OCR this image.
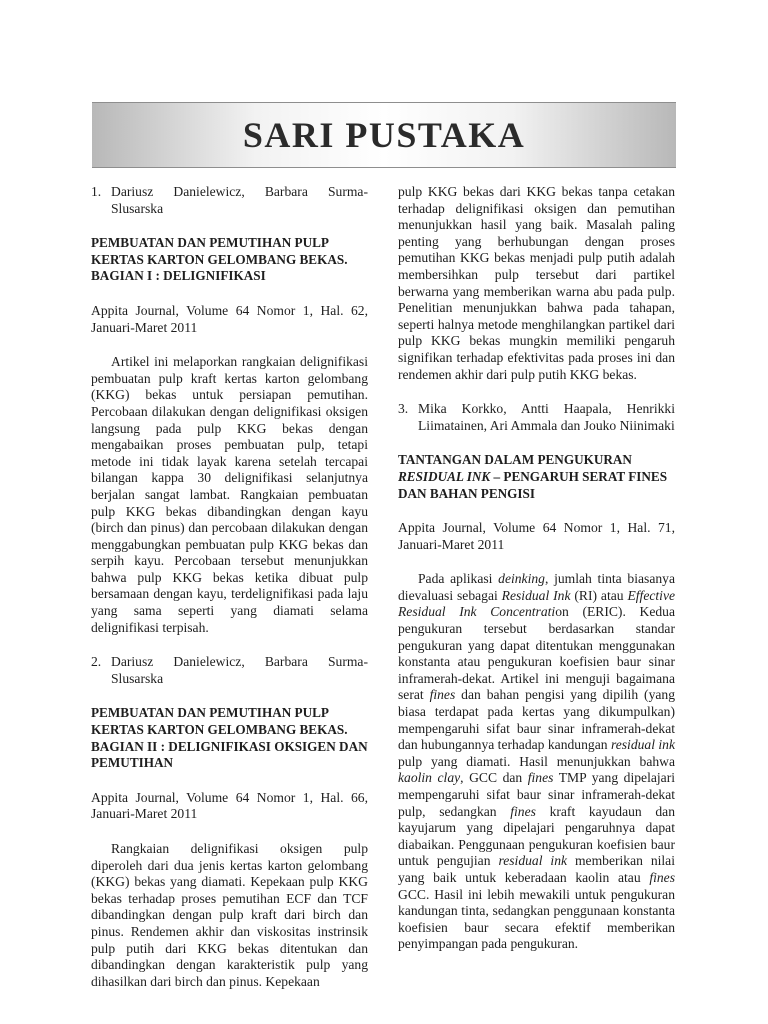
SARI PUSTAKA
1. Dariusz Danielewicz, Barbara Surma-Slusarska
PEMBUATAN DAN PEMUTIHAN PULP KERTAS KARTON GELOMBANG BEKAS. BAGIAN I : DELIGNIFIKASI
Appita Journal, Volume 64 Nomor 1, Hal. 62, Januari-Maret 2011

Artikel ini melaporkan rangkaian delignifikasi pembuatan pulp kraft kertas karton gelombang (KKG) bekas untuk persiapan pemutihan. Percobaan dilakukan dengan delignifikasi oksigen langsung pada pulp KKG bekas dengan mengabaikan proses pembuatan pulp, tetapi metode ini tidak layak karena setelah tercapai bilangan kappa 30 delignifikasi selanjutnya berjalan sangat lambat. Rangkaian pembuatan pulp KKG bekas dibandingkan dengan kayu (birch dan pinus) dan percobaan dilakukan dengan menggabungkan pembuatan pulp KKG bekas dan serpih kayu. Percobaan tersebut menunjukkan bahwa pulp KKG bekas ketika dibuat pulp bersamaan dengan kayu, terdelignifikasi pada laju yang sama seperti yang diamati selama delignifikasi terpisah.

2. Dariusz Danielewicz, Barbara Surma-Slusarska
PEMBUATAN DAN PEMUTIHAN PULP KERTAS KARTON GELOMBANG BEKAS. BAGIAN II : DELIGNIFIKASI OKSIGEN DAN PEMUTIHAN
Appita Journal, Volume 64 Nomor 1, Hal. 66, Januari-Maret 2011

Rangkaian delignifikasi oksigen pulp diperoleh dari dua jenis kertas karton gelombang (KKG) bekas yang diamati. Kepekaan pulp KKG bekas terhadap proses pemutihan ECF dan TCF dibandingkan dengan pulp kraft dari birch dan pinus. Rendemen akhir dan viskositas instrinsik pulp putih dari KKG bekas ditentukan dan dibandingkan dengan karakteristik pulp yang dihasilkan dari birch dan pinus. Kepekaan

pulp KKG bekas dari KKG bekas tanpa cetakan terhadap delignifikasi oksigen dan pemutihan menunjukkan hasil yang baik. Masalah paling penting yang berhubungan dengan proses pemutihan KKG bekas menjadi pulp putih adalah membersihkan pulp tersebut dari partikel berwarna yang memberikan warna abu pada pulp. Penelitian menunjukkan bahwa pada tahapan, seperti halnya metode menghilangkan partikel dari pulp KKG bekas mungkin memiliki pengaruh signifikan terhadap efektivitas pada proses ini dan rendemen akhir dari pulp putih KKG bekas.

3. Mika Korkko, Antti Haapala, Henrikki Liimatainen, Ari Ammala dan Jouko Niinimaki
TANTANGAN DALAM PENGUKURAN RESIDUAL INK – PENGARUH SERAT FINES DAN BAHAN PENGISI
Appita Journal, Volume 64 Nomor 1, Hal. 71, Januari-Maret 2011

Pada aplikasi deinking, jumlah tinta biasanya dievaluasi sebagai Residual Ink (RI) atau Effective Residual Ink Concentration (ERIC). Kedua pengukuran tersebut berdasarkan standar pengukuran yang dapat ditentukan menggunakan konstanta atau pengukuran koefisien baur sinar inframerah-dekat. Artikel ini menguji bagaimana serat fines dan bahan pengisi yang dipilih (yang biasa terdapat pada kertas yang dikumpulkan) mempengaruhi sifat baur sinar inframerah-dekat dan hubungannya terhadap kandungan residual ink pulp yang diamati. Hasil menunjukkan bahwa kaolin clay, GCC dan fines TMP yang dipelajari mempengaruhi sifat baur sinar inframerah-dekat pulp, sedangkan fines kraft kayudaun dan kayujarum yang dipelajari pengaruhnya dapat diabaikan. Penggunaan pengukuran koefisien baur untuk pengujian residual ink memberikan nilai yang baik untuk keberadaan kaolin atau fines GCC. Hasil ini lebih mewakili untuk pengukuran kandungan tinta, sedangkan penggunaan konstanta koefisien baur secara efektif memberikan penyimpangan pada pengukuran.
